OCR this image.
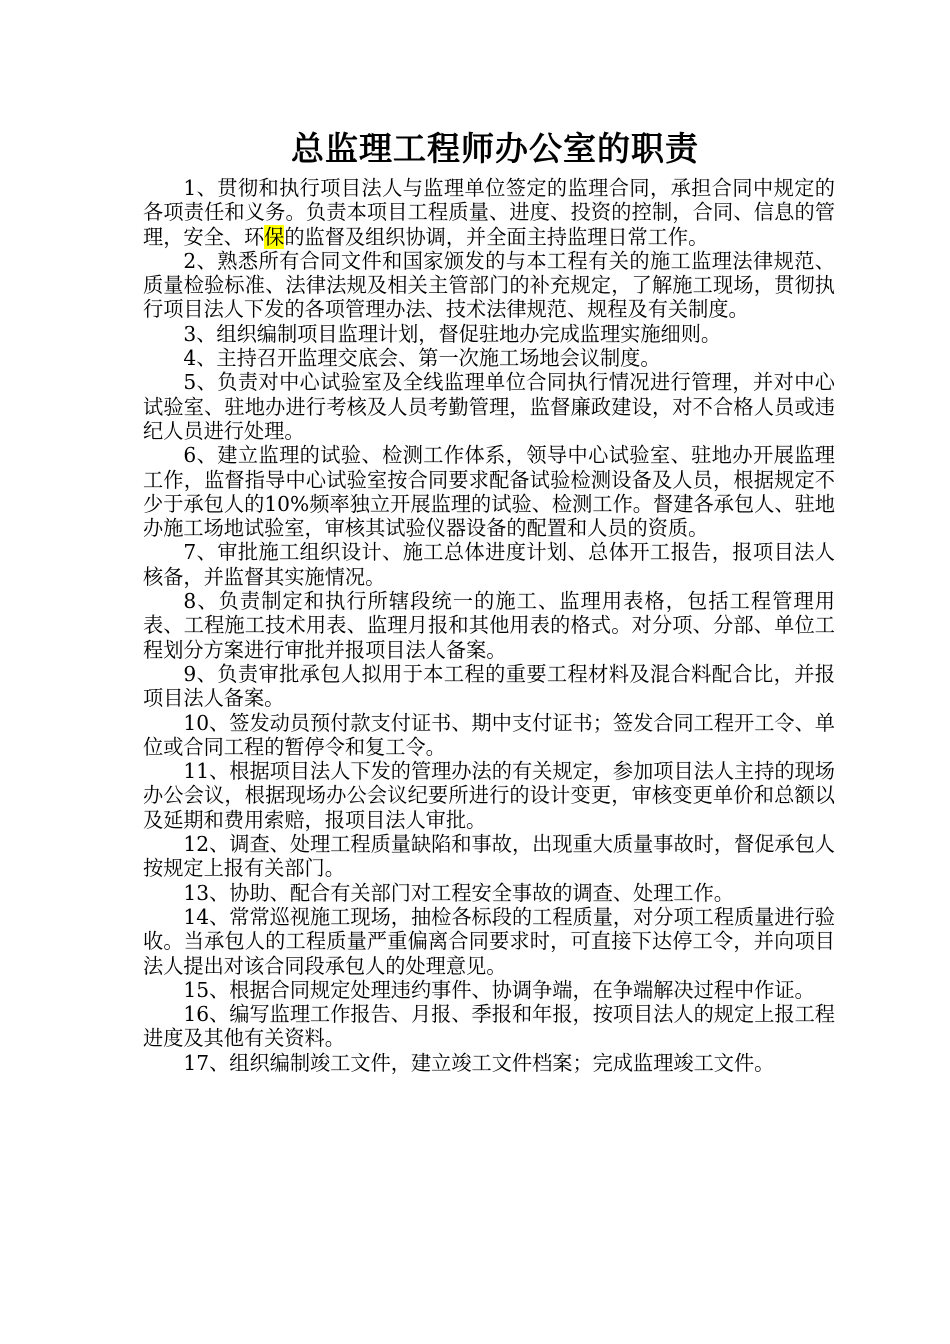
总监理工程师办公室的职责

1、贯彻和执行项目法人与监理单位签定的监理合同，承担合同中规定的各项责任和义务。负责本项目工程质量、进度、投资的控制，合同、信息的管理，安全、环保的监督及组织协调，并全面主持监理日常工作。

2、熟悉所有合同文件和国家颁发的与本工程有关的施工监理法律规范、质量检验标准、法律法规及相关主管部门的补充规定，了解施工现场，贯彻执行项目法人下发的各项管理办法、技术法律规范、规程及有关制度。

3、组织编制项目监理计划，督促驻地办完成监理实施细则。

4、主持召开监理交底会、第一次施工场地会议制度。

5、负责对中心试验室及全线监理单位合同执行情况进行管理，并对中心试验室、驻地办进行考核及人员考勤管理，监督廉政建设，对不合格人员或违纪人员进行处理。

6、建立监理的试验、检测工作体系，领导中心试验室、驻地办开展监理工作，监督指导中心试验室按合同要求配备试验检测设备及人员，根据规定不少于承包人的10%频率独立开展监理的试验、检测工作。督建各承包人、驻地办施工场地试验室，审核其试验仪器设备的配置和人员的资质。

7、审批施工组织设计、施工总体进度计划、总体开工报告，报项目法人核备，并监督其实施情况。

8、负责制定和执行所辖段统一的施工、监理用表格，包括工程管理用表、工程施工技术用表、监理月报和其他用表的格式。对分项、分部、单位工程划分方案进行审批并报项目法人备案。

9、负责审批承包人拟用于本工程的重要工程材料及混合料配合比，并报项目法人备案。

10、签发动员预付款支付证书、期中支付证书；签发合同工程开工令、单位或合同工程的暂停令和复工令。

11、根据项目法人下发的管理办法的有关规定，参加项目法人主持的现场办公会议，根据现场办公会议纪要所进行的设计变更，审核变更单价和总额以及延期和费用索赔，报项目法人审批。

12、调查、处理工程质量缺陷和事故，出现重大质量事故时，督促承包人按规定上报有关部门。

13、协助、配合有关部门对工程安全事故的调查、处理工作。

14、常常巡视施工现场，抽检各标段的工程质量，对分项工程质量进行验收。当承包人的工程质量严重偏离合同要求时，可直接下达停工令，并向项目法人提出对该合同段承包人的处理意见。

15、根据合同规定处理违约事件、协调争端，在争端解决过程中作证。

16、编写监理工作报告、月报、季报和年报，按项目法人的规定上报工程进度及其他有关资料。

17、组织编制竣工文件，建立竣工文件档案；完成监理竣工文件。
